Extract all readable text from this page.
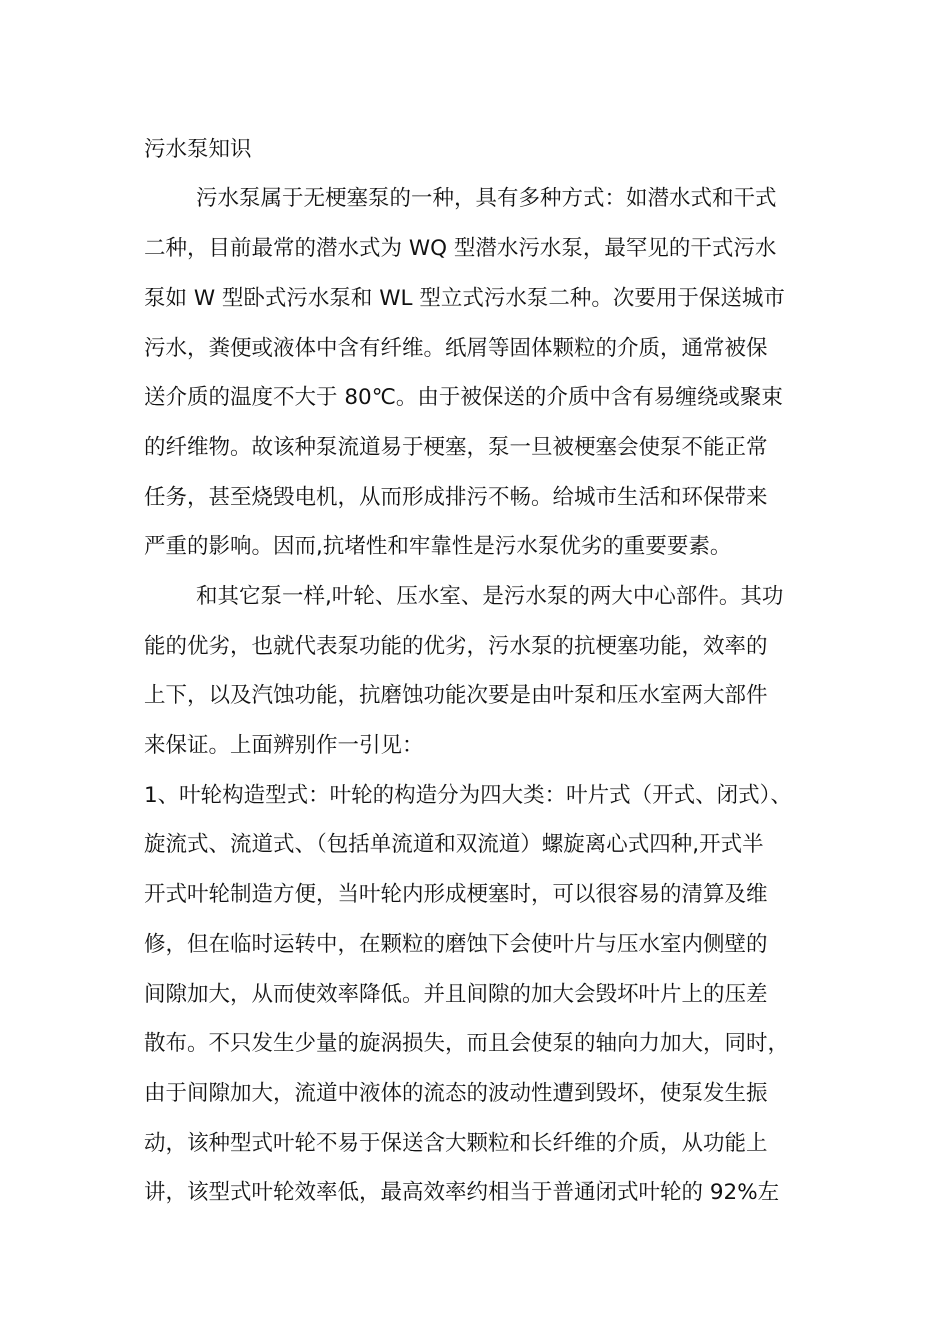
污水泵知识
污水泵属于无梗塞泵的一种，具有多种方式：如潜水式和干式
二种，目前最常的潜水式为 WQ 型潜水污水泵，最罕见的干式污水
泵如 W 型卧式污水泵和 WL 型立式污水泵二种。次要用于保送城市
污水，粪便或液体中含有纤维。纸屑等固体颗粒的介质，通常被保
送介质的温度不大于 80℃。由于被保送的介质中含有易缠绕或聚束
的纤维物。故该种泵流道易于梗塞，泵一旦被梗塞会使泵不能正常
任务，甚至烧毁电机，从而形成排污不畅。给城市生活和环保带来
严重的影响。因而,抗堵性和牢靠性是污水泵优劣的重要要素。
和其它泵一样,叶轮、压水室、是污水泵的两大中心部件。其功
能的优劣，也就代表泵功能的优劣，污水泵的抗梗塞功能，效率的
上下，以及汽蚀功能，抗磨蚀功能次要是由叶泵和压水室两大部件
来保证。上面辨别作一引见：
1、叶轮构造型式：叶轮的构造分为四大类：叶片式（开式、闭式）、
旋流式、流道式、（包括单流道和双流道）螺旋离心式四种,开式半
开式叶轮制造方便，当叶轮内形成梗塞时，可以很容易的清算及维
修，但在临时运转中，在颗粒的磨蚀下会使叶片与压水室内侧壁的
间隙加大，从而使效率降低。并且间隙的加大会毁坏叶片上的压差
散布。不只发生少量的旋涡损失，而且会使泵的轴向力加大，同时，
由于间隙加大，流道中液体的流态的波动性遭到毁坏，使泵发生振
动，该种型式叶轮不易于保送含大颗粒和长纤维的介质，从功能上
讲，该型式叶轮效率低，最高效率约相当于普通闭式叶轮的 92%左
